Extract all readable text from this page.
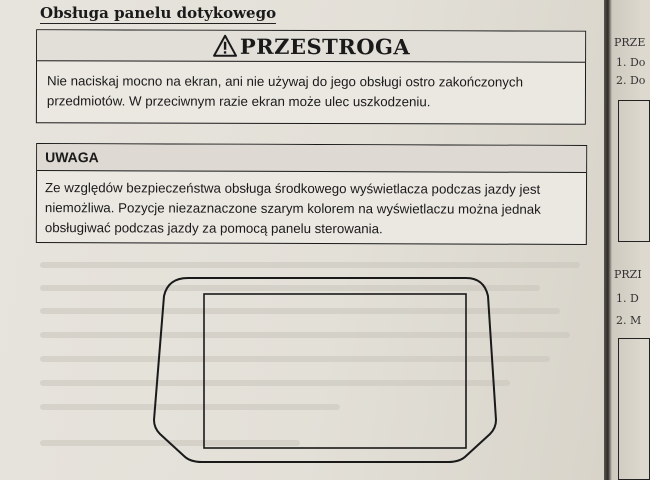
Obsługa panelu dotykowego
PRZESTROGA
Nie naciskaj mocno na ekran, ani nie używaj do jego obsługi ostro zakończonych przedmiotów. W przeciwnym razie ekran może ulec uszkodzeniu.
UWAGA
Ze względów bezpieczeństwa obsługa środkowego wyświetlacza podczas jazdy jest niemożliwa. Pozycje niezaznaczone szarym kolorem na wyświetlaczu można jednak obsługiwać podczas jazdy za pomocą panelu sterowania.
PRZE
1. Do
2. Do
PRZI
1. D
2. M
